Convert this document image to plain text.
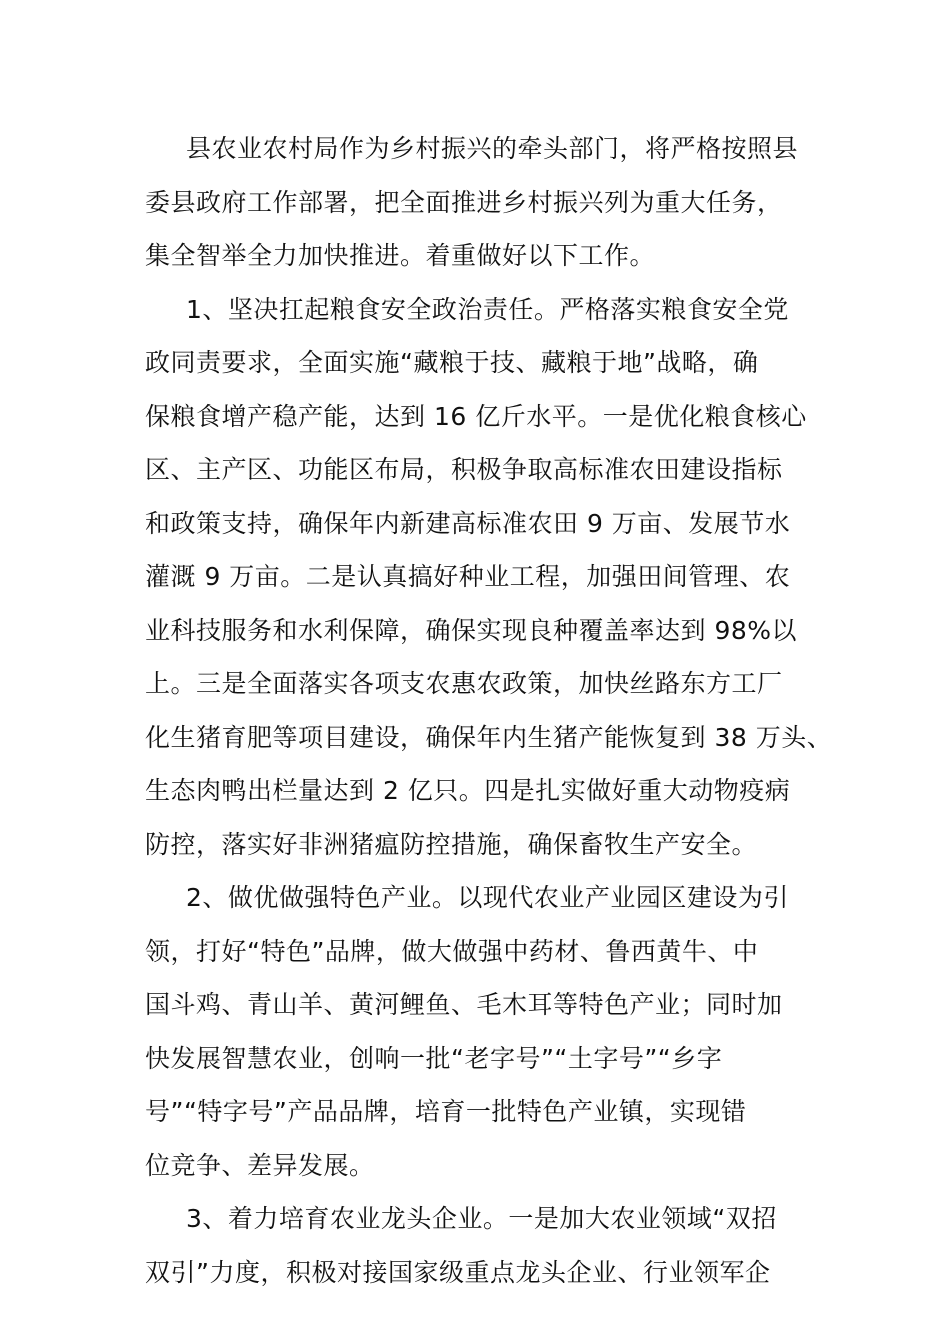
县农业农村局作为乡村振兴的牵头部门，将严格按照县
委县政府工作部署，把全面推进乡村振兴列为重大任务，
集全智举全力加快推进。着重做好以下工作。
1、坚决扛起粮食安全政治责任。严格落实粮食安全党
政同责要求，全面实施“藏粮于技、藏粮于地”战略，确
保粮食增产稳产能，达到 16 亿斤水平。一是优化粮食核心
区、主产区、功能区布局，积极争取高标准农田建设指标
和政策支持，确保年内新建高标准农田 9 万亩、发展节水
灌溉 9 万亩。二是认真搞好种业工程，加强田间管理、农
业科技服务和水利保障，确保实现良种覆盖率达到 98%以
上。三是全面落实各项支农惠农政策，加快丝路东方工厂
化生猪育肥等项目建设，确保年内生猪产能恢复到 38 万头、
生态肉鸭出栏量达到 2 亿只。四是扎实做好重大动物疫病
防控，落实好非洲猪瘟防控措施，确保畜牧生产安全。
2、做优做强特色产业。以现代农业产业园区建设为引
领，打好“特色”品牌，做大做强中药材、鲁西黄牛、中
国斗鸡、青山羊、黄河鲤鱼、毛木耳等特色产业；同时加
快发展智慧农业，创响一批“老字号”“土字号”“乡字
号”“特字号”产品品牌，培育一批特色产业镇，实现错
位竞争、差异发展。
3、着力培育农业龙头企业。一是加大农业领域“双招
双引”力度，积极对接国家级重点龙头企业、行业领军企
